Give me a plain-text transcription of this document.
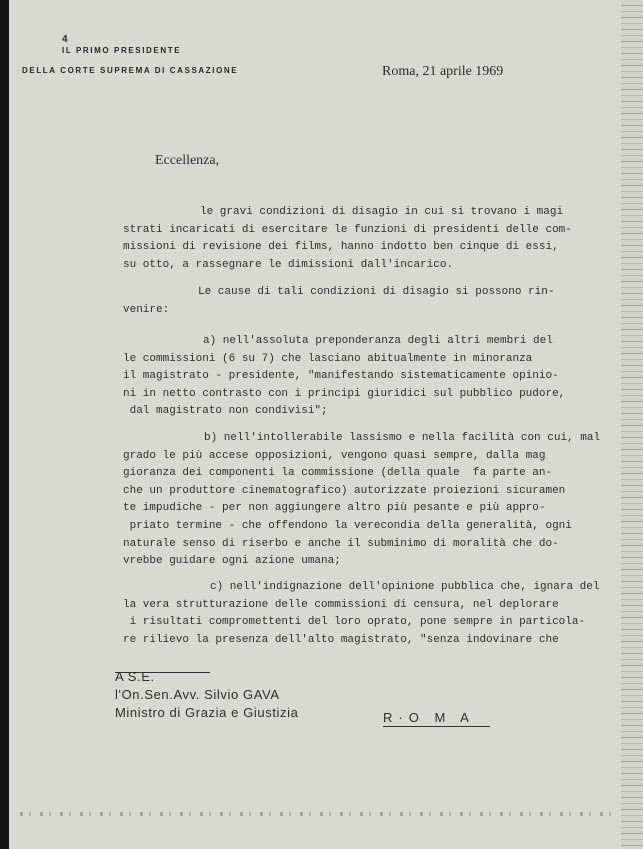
4
IL PRIMO PRESIDENTE
DELLA CORTE SUPREMA DI CASSAZIONE	Roma, 21 aprile 1969
Eccellenza,
le gravi condizioni di disagio in cui si trovano i magi
strati incaricati di esercitare le funzioni di presidenti delle com-
missioni di revisione dei films, hanno indotto ben cinque di essi,
su otto, a rassegnare le dimissioni dall'incarico.
Le cause di tali condizioni di disagio si possono rin-
venire:
a) nell'assoluta preponderanza degli altri membri del
le commissioni (6 su 7) che lasciano abitualmente in minoranza
il magistrato - presidente, "manifestando sistematicamente opinio-
ni in netto contrasto con i principi giuridici sul pubblico pudore,
dal magistrato non condivisi";
b) nell'intollerabile lassismo e nella facilità con cui, mal
grado le più accese opposizioni, vengono quasi sempre, dalla mag
gioranza dei componenti la commissione (della quale  fa parte an-
che un produttore cinematografico) autorizzate proiezioni sicuramen
te impudiche - per non aggiungere altro più pesante e più appro-
priato termine - che offendono la verecondia della generalità, ogni
naturale senso di riserbo e anche il subminimo di moralità che do-
vrebbe guidare ogni azione umana;
c) nell'indignazione dell'opinione pubblica che, ignara del
la vera strutturazione delle commissioni di censura, nel deplorare
i risultati compromettenti del loro oprato, pone sempre in particola-
re rilievo la presenza dell'alto magistrato, "senza indovinare che
A S.E.
l'On.Sen.Avv. Silvio GAVA
Ministro di Grazia e Giustizia	R·O M A
